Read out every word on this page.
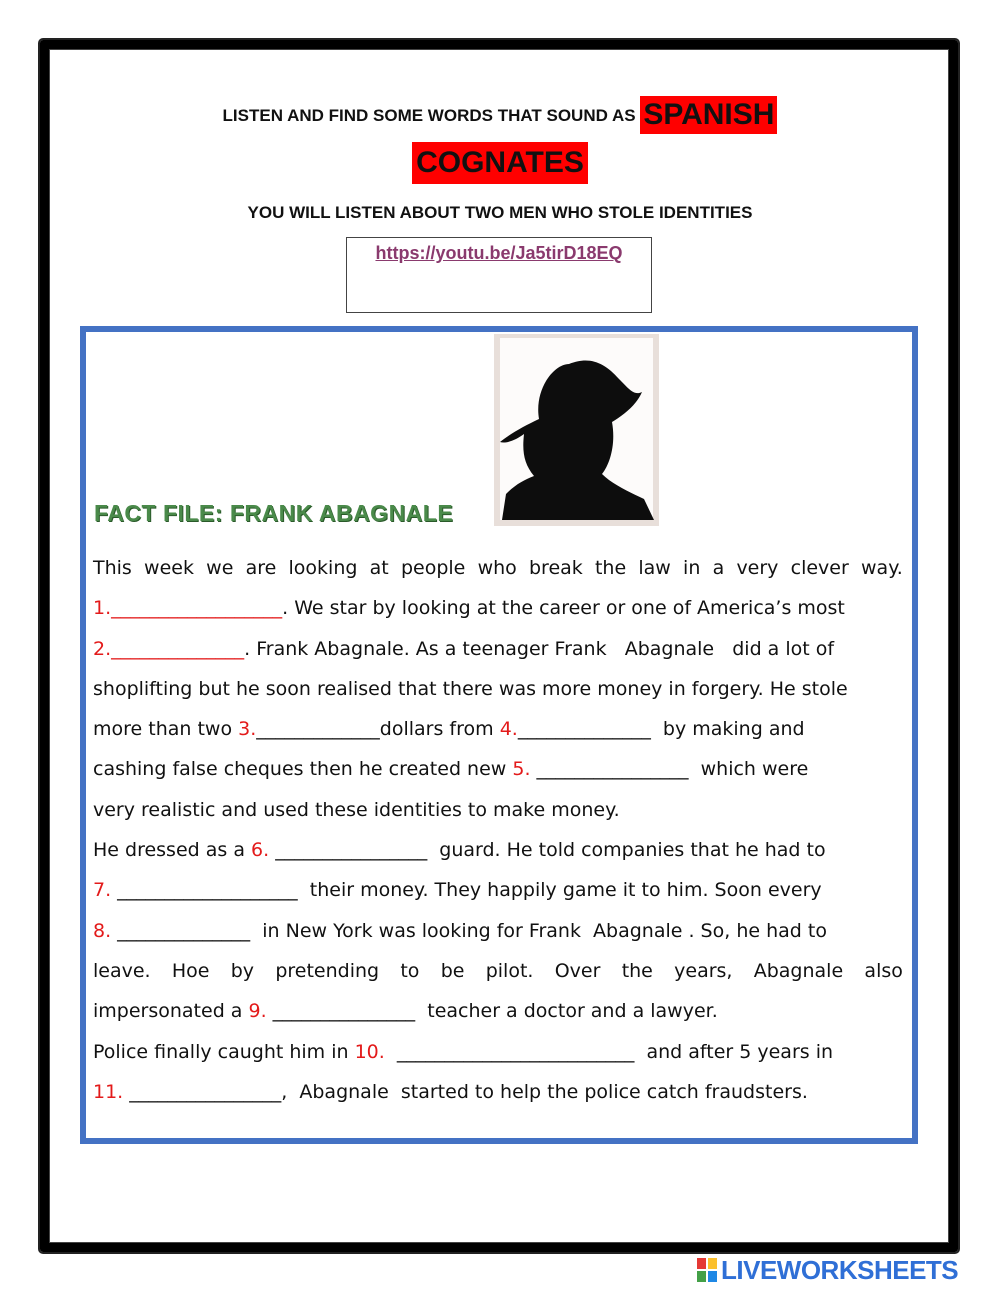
LISTEN AND FIND SOME WORDS THAT SOUND AS SPANISH
COGNATES
YOU WILL LISTEN ABOUT TWO MEN WHO STOLE IDENTITIES
https://youtu.be/Ja5tirD18EQ
FACT FILE: FRANK ABAGNALE
This week we are looking at people who break the law in a very clever way.
1.__________________ . We star by looking at the career or one of America’s most
2.______________ . Frank Abagnale. As a teenager Frank   Abagnale   did a lot of
shoplifting but he soon realised that there was more money in forgery. He stole
more than two 3. _____________dollars from 4. ______________  by making and
cashing false cheques then he created new 5. ________________  which were
very realistic and used these identities to make money.
He dressed as a 6. ________________  guard. He told companies that he had to
7. ___________________  their money. They happily game it to him. Soon every
8. ______________  in New York was looking for Frank  Abagnale . So, he had to
leave. Hoe by pretending to be pilot. Over the years, Abagnale also
impersonated a 9. _______________  teacher a doctor and a lawyer.
Police finally caught him in 10. _________________________  and after 5 years in
11. ________________,  Abagnale  started to help the police catch fraudsters.
LIVEWORKSHEETS
